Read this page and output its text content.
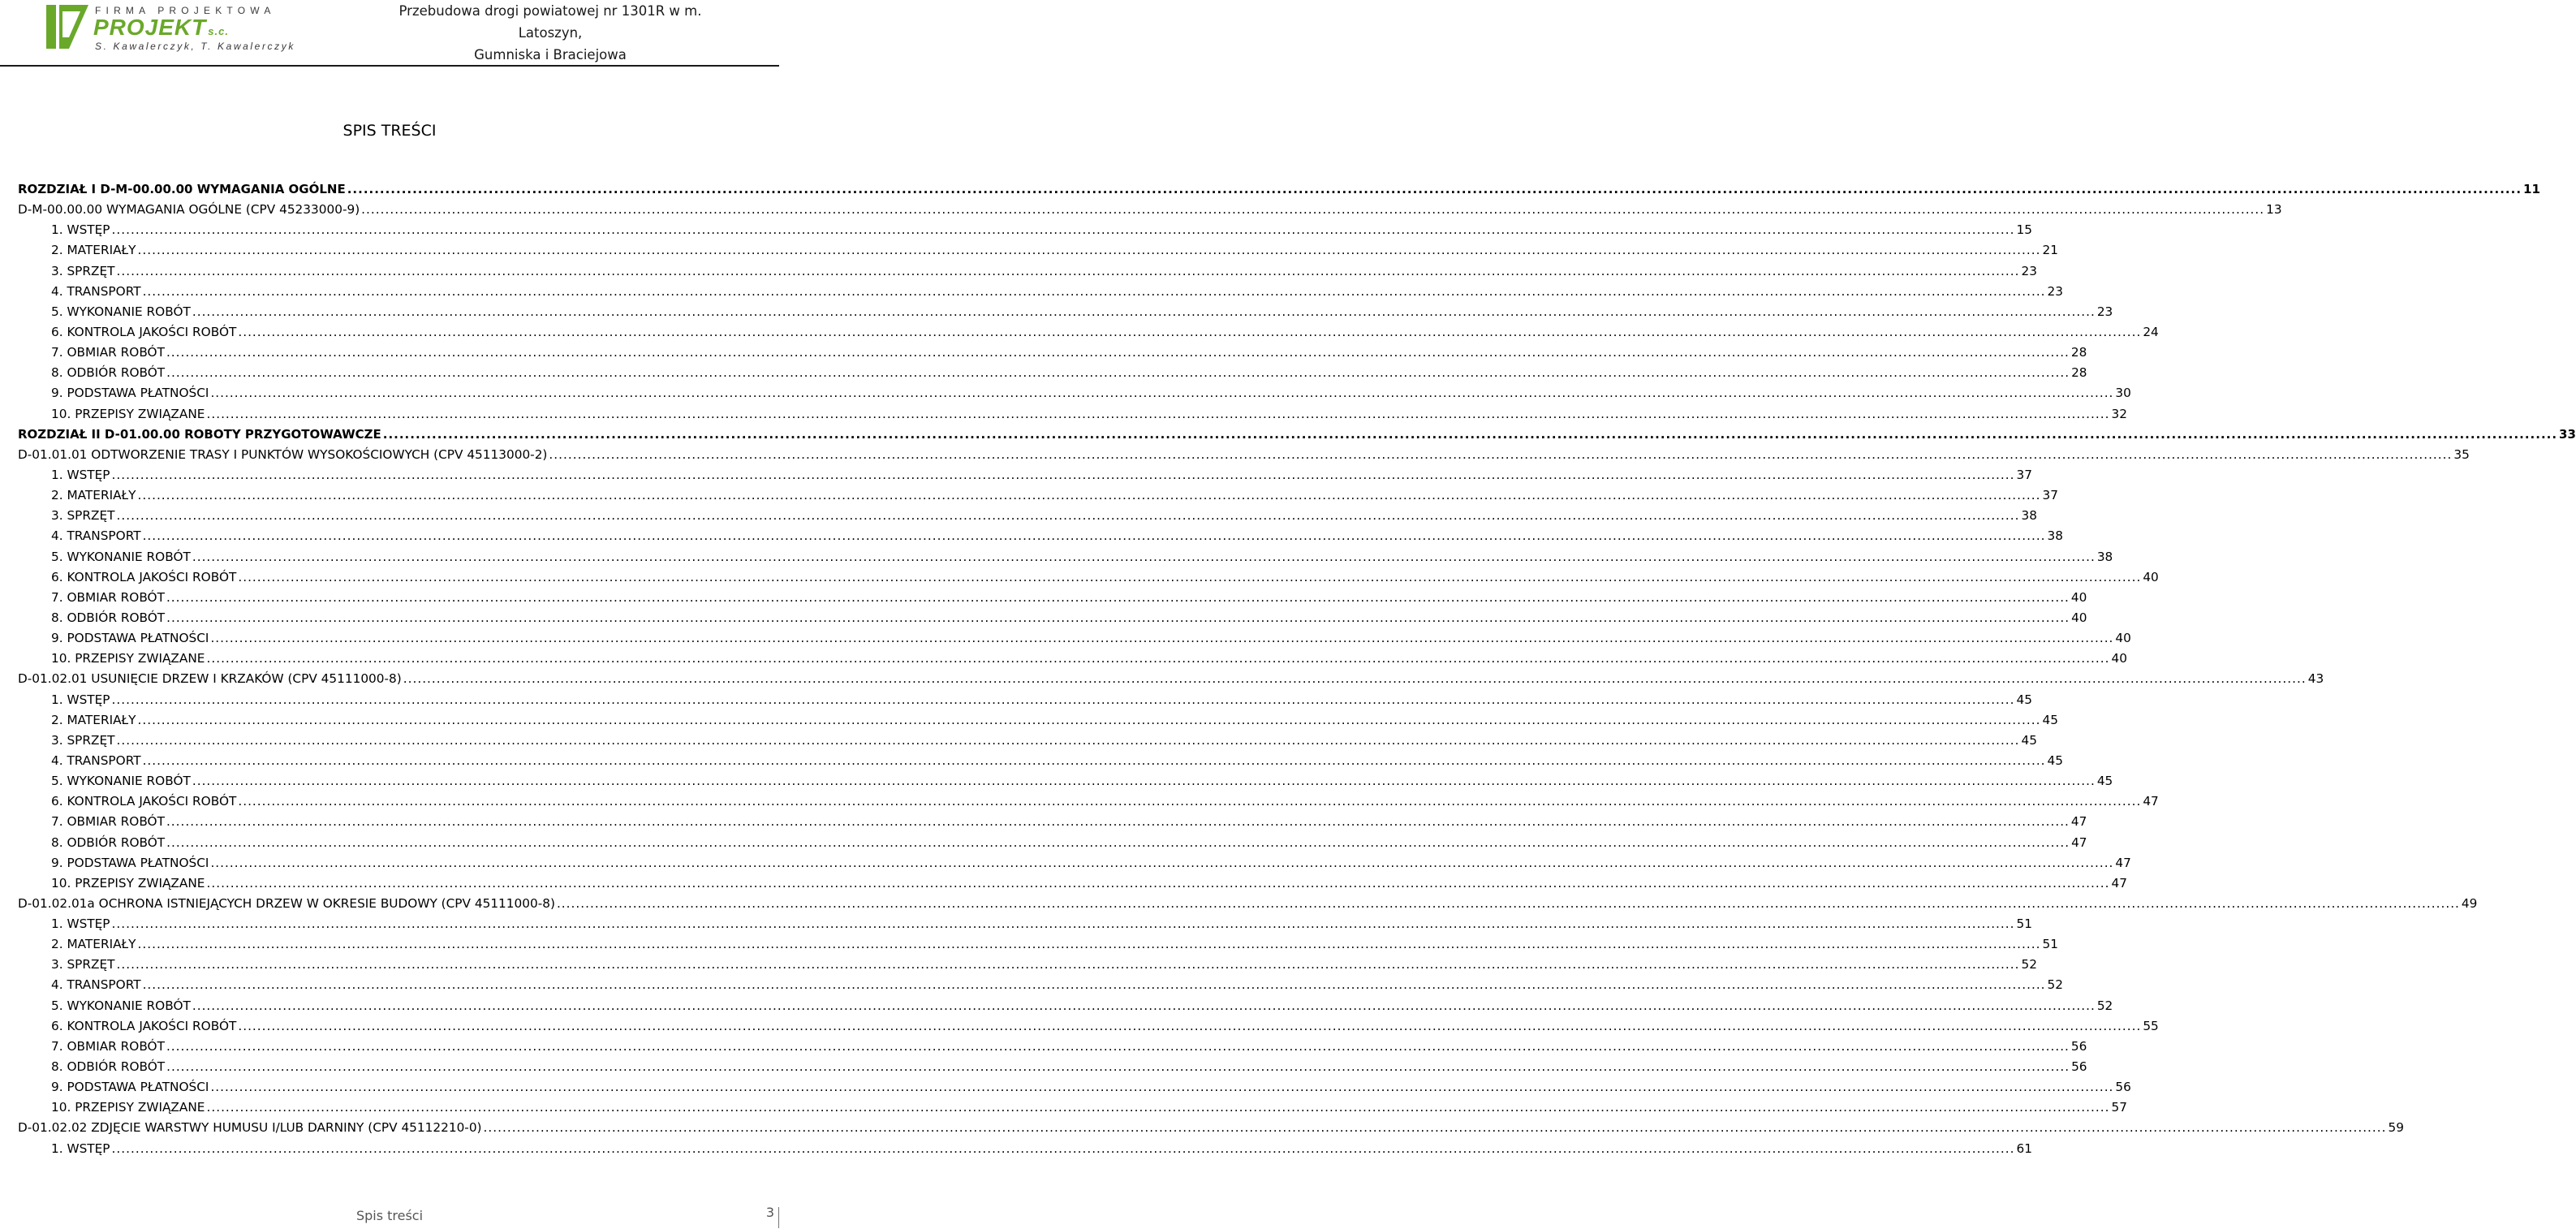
FIRMA PROJEKTOWA
PROJEKT s.c.
S. Kawalerczyk, T. Kawalerczyk
Przebudowa drogi powiatowej nr 1301R w m. Latoszyn,
Gumniska i Braciejowa
SPIS TREŚCI
ROZDZIAŁ I D-M-00.00.00 WYMAGANIA OGÓLNE ................................................................................................................................................................................................................................................................................................................................................................................................................ 11
D-M-00.00.00 WYMAGANIA OGÓLNE (CPV 45233000-9) ................................................................................................................................................................................................................................................................................................................................................................................................................ 13
1. WSTĘP ................................................................................................................................................................................................................................................................................................................................................................................................................ 15
2. MATERIAŁY ................................................................................................................................................................................................................................................................................................................................................................................................................ 21
3. SPRZĘT ................................................................................................................................................................................................................................................................................................................................................................................................................ 23
4. TRANSPORT ................................................................................................................................................................................................................................................................................................................................................................................................................ 23
5. WYKONANIE ROBÓT ................................................................................................................................................................................................................................................................................................................................................................................................................ 23
6. KONTROLA JAKOŚCI ROBÓT ................................................................................................................................................................................................................................................................................................................................................................................................................ 24
7. OBMIAR ROBÓT ................................................................................................................................................................................................................................................................................................................................................................................................................ 28
8. ODBIÓR ROBÓT ................................................................................................................................................................................................................................................................................................................................................................................................................ 28
9. PODSTAWA PŁATNOŚCI ................................................................................................................................................................................................................................................................................................................................................................................................................ 30
10. PRZEPISY ZWIĄZANE ................................................................................................................................................................................................................................................................................................................................................................................................................ 32
ROZDZIAŁ II D-01.00.00 ROBOTY PRZYGOTOWAWCZE ................................................................................................................................................................................................................................................................................................................................................................................................................ 33
D-01.01.01 ODTWORZENIE TRASY I PUNKTÓW WYSOKOŚCIOWYCH (CPV 45113000-2) ................................................................................................................................................................................................................................................................................................................................................................................................................ 35
1. WSTĘP ................................................................................................................................................................................................................................................................................................................................................................................................................ 37
2. MATERIAŁY ................................................................................................................................................................................................................................................................................................................................................................................................................ 37
3. SPRZĘT ................................................................................................................................................................................................................................................................................................................................................................................................................ 38
4. TRANSPORT ................................................................................................................................................................................................................................................................................................................................................................................................................ 38
5. WYKONANIE ROBÓT ................................................................................................................................................................................................................................................................................................................................................................................................................ 38
6. KONTROLA JAKOŚCI ROBÓT ................................................................................................................................................................................................................................................................................................................................................................................................................ 40
7. OBMIAR ROBÓT ................................................................................................................................................................................................................................................................................................................................................................................................................ 40
8. ODBIÓR ROBÓT ................................................................................................................................................................................................................................................................................................................................................................................................................ 40
9. PODSTAWA PŁATNOŚCI ................................................................................................................................................................................................................................................................................................................................................................................................................ 40
10. PRZEPISY ZWIĄZANE ................................................................................................................................................................................................................................................................................................................................................................................................................ 40
D-01.02.01 USUNIĘCIE DRZEW I KRZAKÓW (CPV 45111000-8) ................................................................................................................................................................................................................................................................................................................................................................................................................ 43
1. WSTĘP ................................................................................................................................................................................................................................................................................................................................................................................................................ 45
2. MATERIAŁY ................................................................................................................................................................................................................................................................................................................................................................................................................ 45
3. SPRZĘT ................................................................................................................................................................................................................................................................................................................................................................................................................ 45
4. TRANSPORT ................................................................................................................................................................................................................................................................................................................................................................................................................ 45
5. WYKONANIE ROBÓT ................................................................................................................................................................................................................................................................................................................................................................................................................ 45
6. KONTROLA JAKOŚCI ROBÓT ................................................................................................................................................................................................................................................................................................................................................................................................................ 47
7. OBMIAR ROBÓT ................................................................................................................................................................................................................................................................................................................................................................................................................ 47
8. ODBIÓR ROBÓT ................................................................................................................................................................................................................................................................................................................................................................................................................ 47
9. PODSTAWA PŁATNOŚCI ................................................................................................................................................................................................................................................................................................................................................................................................................ 47
10. PRZEPISY ZWIĄZANE ................................................................................................................................................................................................................................................................................................................................................................................................................ 47
D-01.02.01a OCHRONA ISTNIEJĄCYCH DRZEW W OKRESIE BUDOWY (CPV 45111000-8) ................................................................................................................................................................................................................................................................................................................................................................................................................ 49
1. WSTĘP ................................................................................................................................................................................................................................................................................................................................................................................................................ 51
2. MATERIAŁY ................................................................................................................................................................................................................................................................................................................................................................................................................ 51
3. SPRZĘT ................................................................................................................................................................................................................................................................................................................................................................................................................ 52
4. TRANSPORT ................................................................................................................................................................................................................................................................................................................................................................................................................ 52
5. WYKONANIE ROBÓT ................................................................................................................................................................................................................................................................................................................................................................................................................ 52
6. KONTROLA JAKOŚCI ROBÓT ................................................................................................................................................................................................................................................................................................................................................................................................................ 55
7. OBMIAR ROBÓT ................................................................................................................................................................................................................................................................................................................................................................................................................ 56
8. ODBIÓR ROBÓT ................................................................................................................................................................................................................................................................................................................................................................................................................ 56
9. PODSTAWA PŁATNOŚCI ................................................................................................................................................................................................................................................................................................................................................................................................................ 56
10. PRZEPISY ZWIĄZANE ................................................................................................................................................................................................................................................................................................................................................................................................................ 57
D-01.02.02 ZDJĘCIE WARSTWY HUMUSU I/LUB DARNINY (CPV 45112210-0) ................................................................................................................................................................................................................................................................................................................................................................................................................ 59
1. WSTĘP ................................................................................................................................................................................................................................................................................................................................................................................................................ 61
Spis treści	3
